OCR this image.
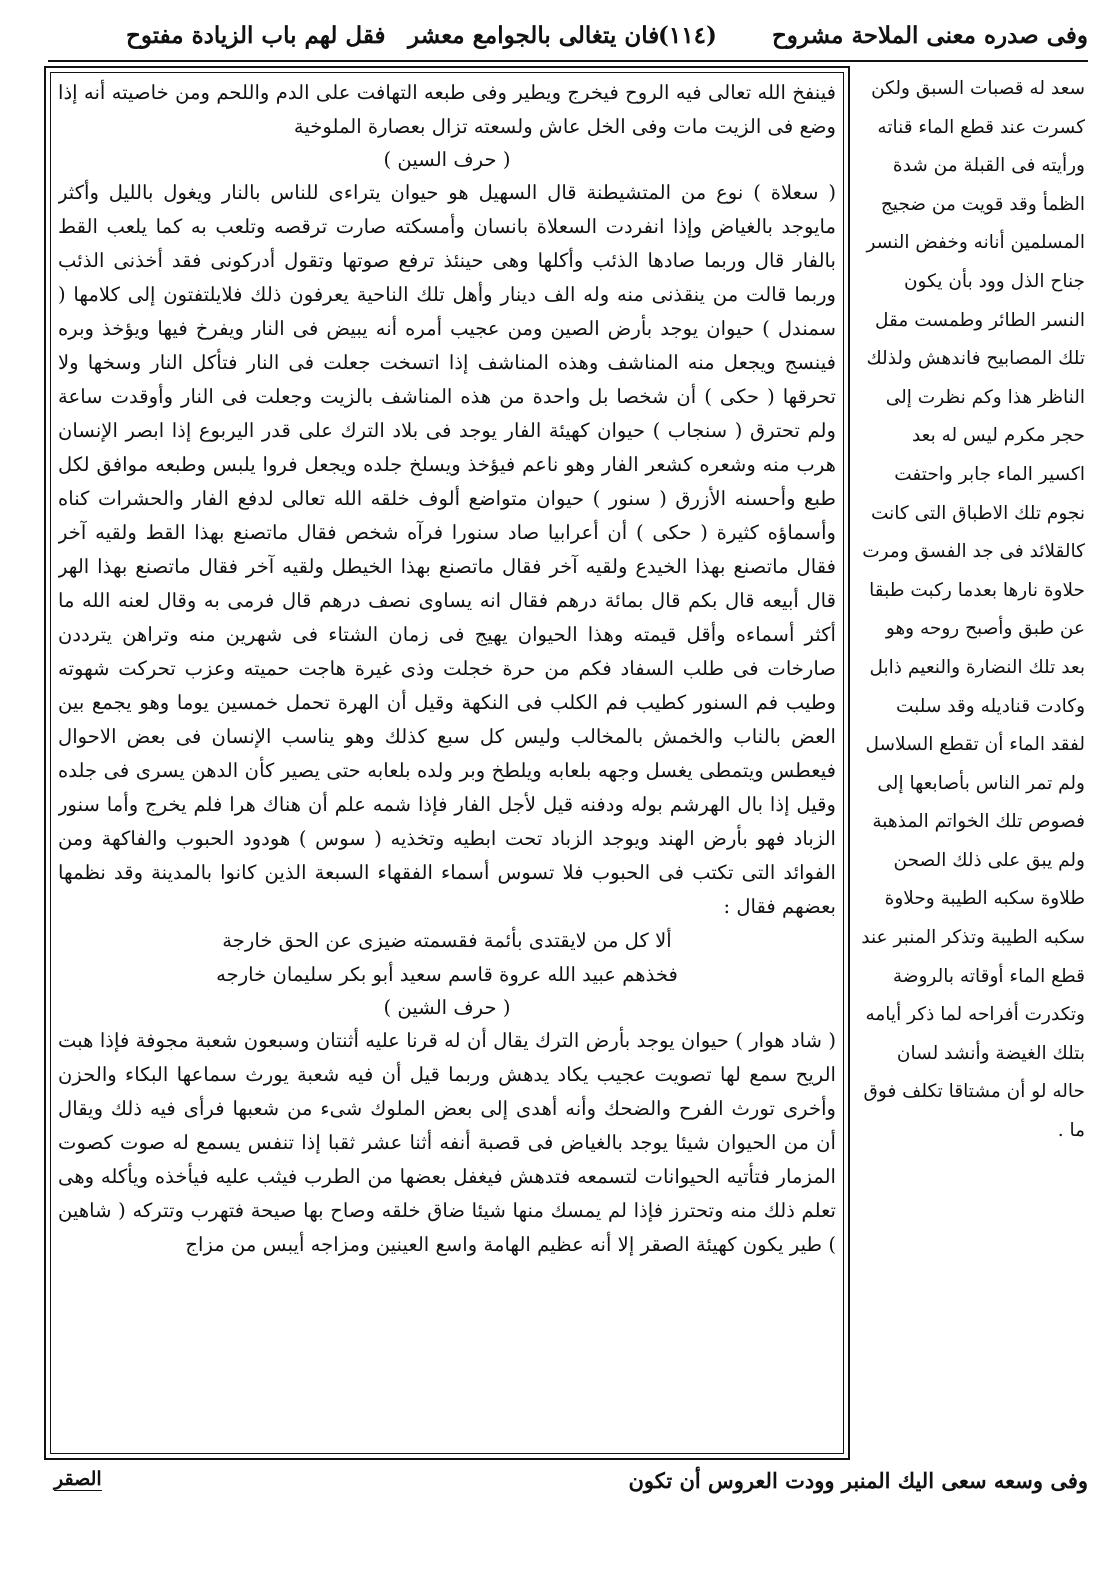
وفى صدره معنى الملاحة مشروح
فان يتغالى بالجوامع معشر
(١١٤)
فقل لهم باب الزيادة مفتوح

فينفخ الله تعالى فيه الروح فيخرج ويطير وفى طبعه التهافت على الدم واللحم ومن خاصيته أنه إذا وضع فى الزيت مات وفى الخل عاش ولسعته تزال بعصارة الملوخية

( حرف السين )

( سعلاة ) نوع من المتشيطنة قال السهيل هو حيوان يتراءى للناس بالنار ويغول بالليل وأكثر مايوجد بالغياض وإذا انفردت السعلاة بانسان وأمسكته صارت ترقصه وتلعب به كما يلعب القط بالفار قال وربما صادها الذئب وأكلها وهى حينئذ ترفع صوتها وتقول أدركونى فقد أخذنى الذئب وربما قالت من ينقذنى منه وله الف دينار وأهل تلك الناحية يعرفون ذلك فلايلتفتون إلى كلامها ( سمندل ) حيوان يوجد بأرض الصين ومن عجيب أمره أنه يبيض فى النار ويفرخ فيها ويؤخذ وبره فينسج ويجعل منه المناشف وهذه المناشف إذا اتسخت جعلت فى النار فتأكل النار وسخها ولا تحرقها ( حكى ) أن شخصا بل واحدة من هذه المناشف بالزيت وجعلت فى النار وأوقدت ساعة ولم تحترق ( سنجاب ) حيوان كهيئة الفار يوجد فى بلاد الترك على قدر اليربوع إذا ابصر الإنسان هرب منه وشعره كشعر الفار وهو ناعم فيؤخذ ويسلخ جلده ويجعل فروا يلبس وطبعه موافق لكل طبع وأحسنه الأزرق ( سنور ) حيوان متواضع ألوف خلقه الله تعالى لدفع الفار والحشرات كناه وأسماؤه كثيرة ( حكى ) أن أعرابيا صاد سنورا فرآه شخص فقال ماتصنع بهذا القط ولقيه آخر فقال ماتصنع بهذا الخيدع ولقيه آخر فقال ماتصنع بهذا الخيطل ولقيه آخر فقال ماتصنع بهذا الهر قال أبيعه قال بكم قال بمائة درهم فقال انه يساوى نصف درهم قال فرمى به وقال لعنه الله ما أكثر أسماءه وأقل قيمته وهذا الحيوان يهيج فى زمان الشتاء فى شهرين منه وتراهن يترددن صارخات فى طلب السفاد فكم من حرة خجلت وذى غيرة هاجت حميته وعزب تحركت شهوته وطيب فم السنور كطيب فم الكلب فى النكهة وقيل أن الهرة تحمل خمسين يوما وهو يجمع بين العض بالناب والخمش بالمخالب وليس كل سبع كذلك وهو يناسب الإنسان فى بعض الاحوال فيعطس ويتمطى يغسل وجهه بلعابه ويلطخ وبر ولده بلعابه حتى يصير كأن الدهن يسرى فى جلده وقيل إذا بال الهرشم بوله ودفنه قيل لأجل الفار فإذا شمه علم أن هناك هرا فلم يخرج وأما سنور الزباد فهو بأرض الهند ويوجد الزباد تحت ابطيه وتخذيه ( سوس ) هودود الحبوب والفاكهة ومن الفوائد التى تكتب فى الحبوب فلا تسوس أسماء الفقهاء السبعة الذين كانوا بالمدينة وقد نظمها بعضهم فقال :

ألا كل من لايقتدى بأئمة فقسمته ضيزى عن الحق خارجة

فخذهم عبيد الله عروة قاسم سعيد أبو بكر سليمان خارجه

( حرف الشين )

( شاد هوار ) حيوان يوجد بأرض الترك يقال أن له قرنا عليه أثنتان وسبعون شعبة مجوفة فإذا هبت الريح سمع لها تصويت عجيب يكاد يدهش وربما قيل أن فيه شعبة يورث سماعها البكاء والحزن وأخرى تورث الفرح والضحك وأنه أهدى إلى بعض الملوك شىء من شعبها فرأى فيه ذلك ويقال أن من الحيوان شيئا يوجد بالغياض فى قصبة أنفه أثنا عشر ثقبا إذا تنفس يسمع له صوت كصوت المزمار فتأتيه الحيوانات لتسمعه فتدهش فيغفل بعضها من الطرب فيثب عليه فيأخذه ويأكله وهى تعلم ذلك منه وتحترز فإذا لم يمسك منها شيئا ضاق خلقه وصاح بها صيحة فتهرب وتتركه ( شاهين ) طير يكون كهيئة الصقر إلا أنه عظيم الهامة واسع العينين ومزاجه أيبس من مزاج

سعد له قصبات السبق ولكن كسرت عند قطع الماء قناته ورأيته فى القبلة من شدة الظمأ وقد قويت من ضجيج المسلمين أنانه وخفض النسر جناح الذل وود بأن يكون النسر الطائر وطمست مقل تلك المصابيح فاندهش ولذلك الناظر هذا وكم نظرت إلى حجر مكرم ليس له بعد اكسير الماء جابر واحتفت نجوم تلك الاطباق التى كانت كالقلائد فى جد الفسق ومرت حلاوة نارها بعدما ركبت طبقا عن طبق وأصبح روحه وهو بعد تلك النضارة والنعيم ذابل وكادت قناديله وقد سلبت لفقد الماء أن تقطع السلاسل ولم تمر الناس بأصابعها إلى فصوص تلك الخواتم المذهبة ولم يبق على ذلك الصحن طلاوة سكبه الطيبة وحلاوة سكبه الطيبة وتذكر المنبر عند قطع الماء أوقاته بالروضة وتكدرت أفراحه لما ذكر أيامه بتلك الغيضة وأنشد لسان حاله لو أن مشتاقا تكلف فوق ما .

وفى وسعه سعى اليك المنبر وودت العروس أن تكون
الصقر
